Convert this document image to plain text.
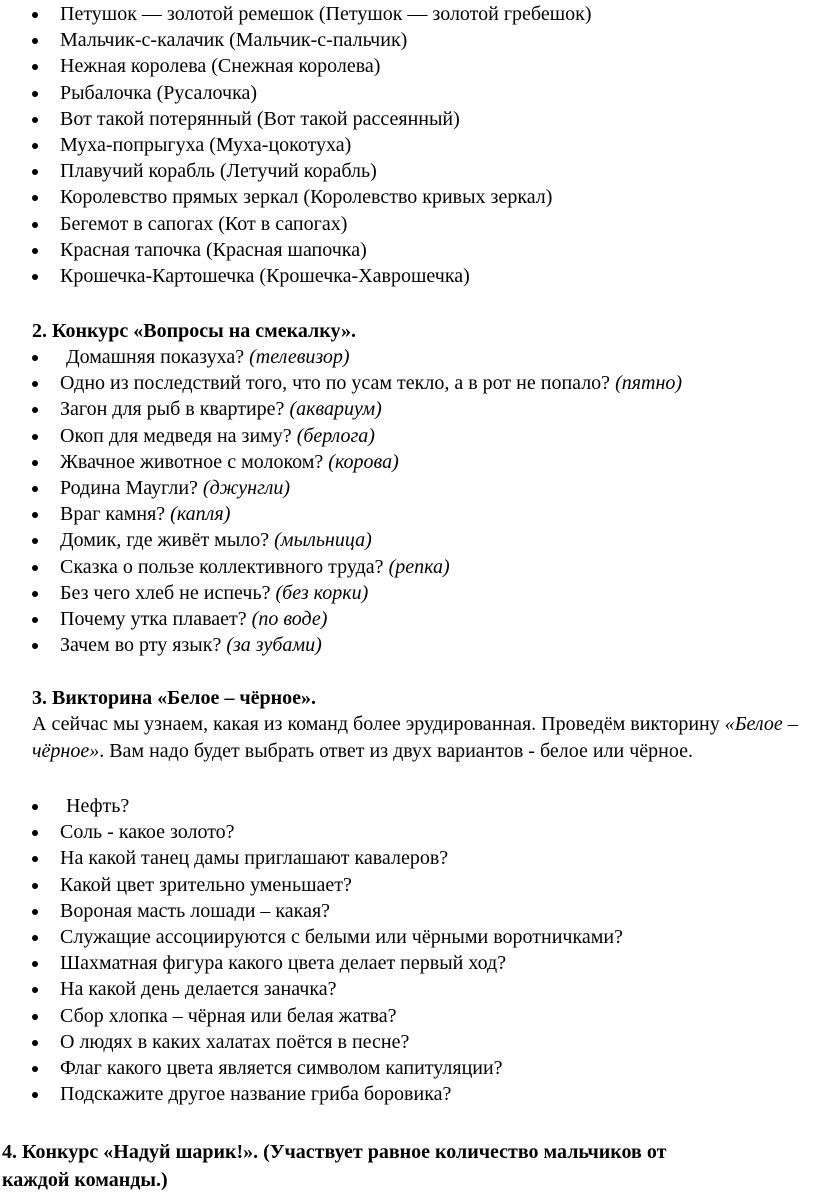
Петушок — золотой ремешок (Петушок — золотой гребешок)
Мальчик-с-калачик (Мальчик-с-пальчик)
Нежная королева (Снежная королева)
Рыбалочка (Русалочка)
Вот такой потерянный (Вот такой рассеянный)
Муха-попрыгуха (Муха-цокотуха)
Плавучий корабль (Летучий корабль)
Королевство прямых зеркал (Королевство кривых зеркал)
Бегемот в сапогах (Кот в сапогах)
Красная тапочка (Красная шапочка)
Крошечка-Картошечка (Крошечка-Хаврошечка)
2. Конкурс «Вопросы на смекалку».
Домашняя показуха? (телевизор)
Одно из последствий того, что по усам текло, а в рот не попало? (пятно)
Загон для рыб в квартире? (аквариум)
Окоп для медведя на зиму? (берлога)
Жвачное животное с молоком? (корова)
Родина Маугли? (джунгли)
Враг камня? (капля)
Домик, где живёт мыло? (мыльница)
Сказка о пользе коллективного труда? (репка)
Без чего хлеб не испечь? (без корки)
Почему утка плавает? (по воде)
Зачем во рту язык? (за зубами)
3. Викторина «Белое – чёрное».
А сейчас мы узнаем, какая из команд более эрудированная. Проведём викторину «Белое – чёрное». Вам надо будет выбрать ответ из двух вариантов - белое или чёрное.
Нефть?
Соль - какое золото?
На какой танец дамы приглашают кавалеров?
Какой цвет зрительно уменьшает?
Вороная масть лошади – какая?
Служащие ассоциируются с белыми или чёрными воротничками?
Шахматная фигура какого цвета делает первый ход?
На какой день делается заначка?
Сбор хлопка – чёрная или белая жатва?
О людях в каких халатах поётся в песне?
Флаг какого цвета является символом капитуляции?
Подскажите другое название гриба боровика?
4. Конкурс «Надуй шарик!». (Участвует равное количество мальчиков от
каждой команды.)
